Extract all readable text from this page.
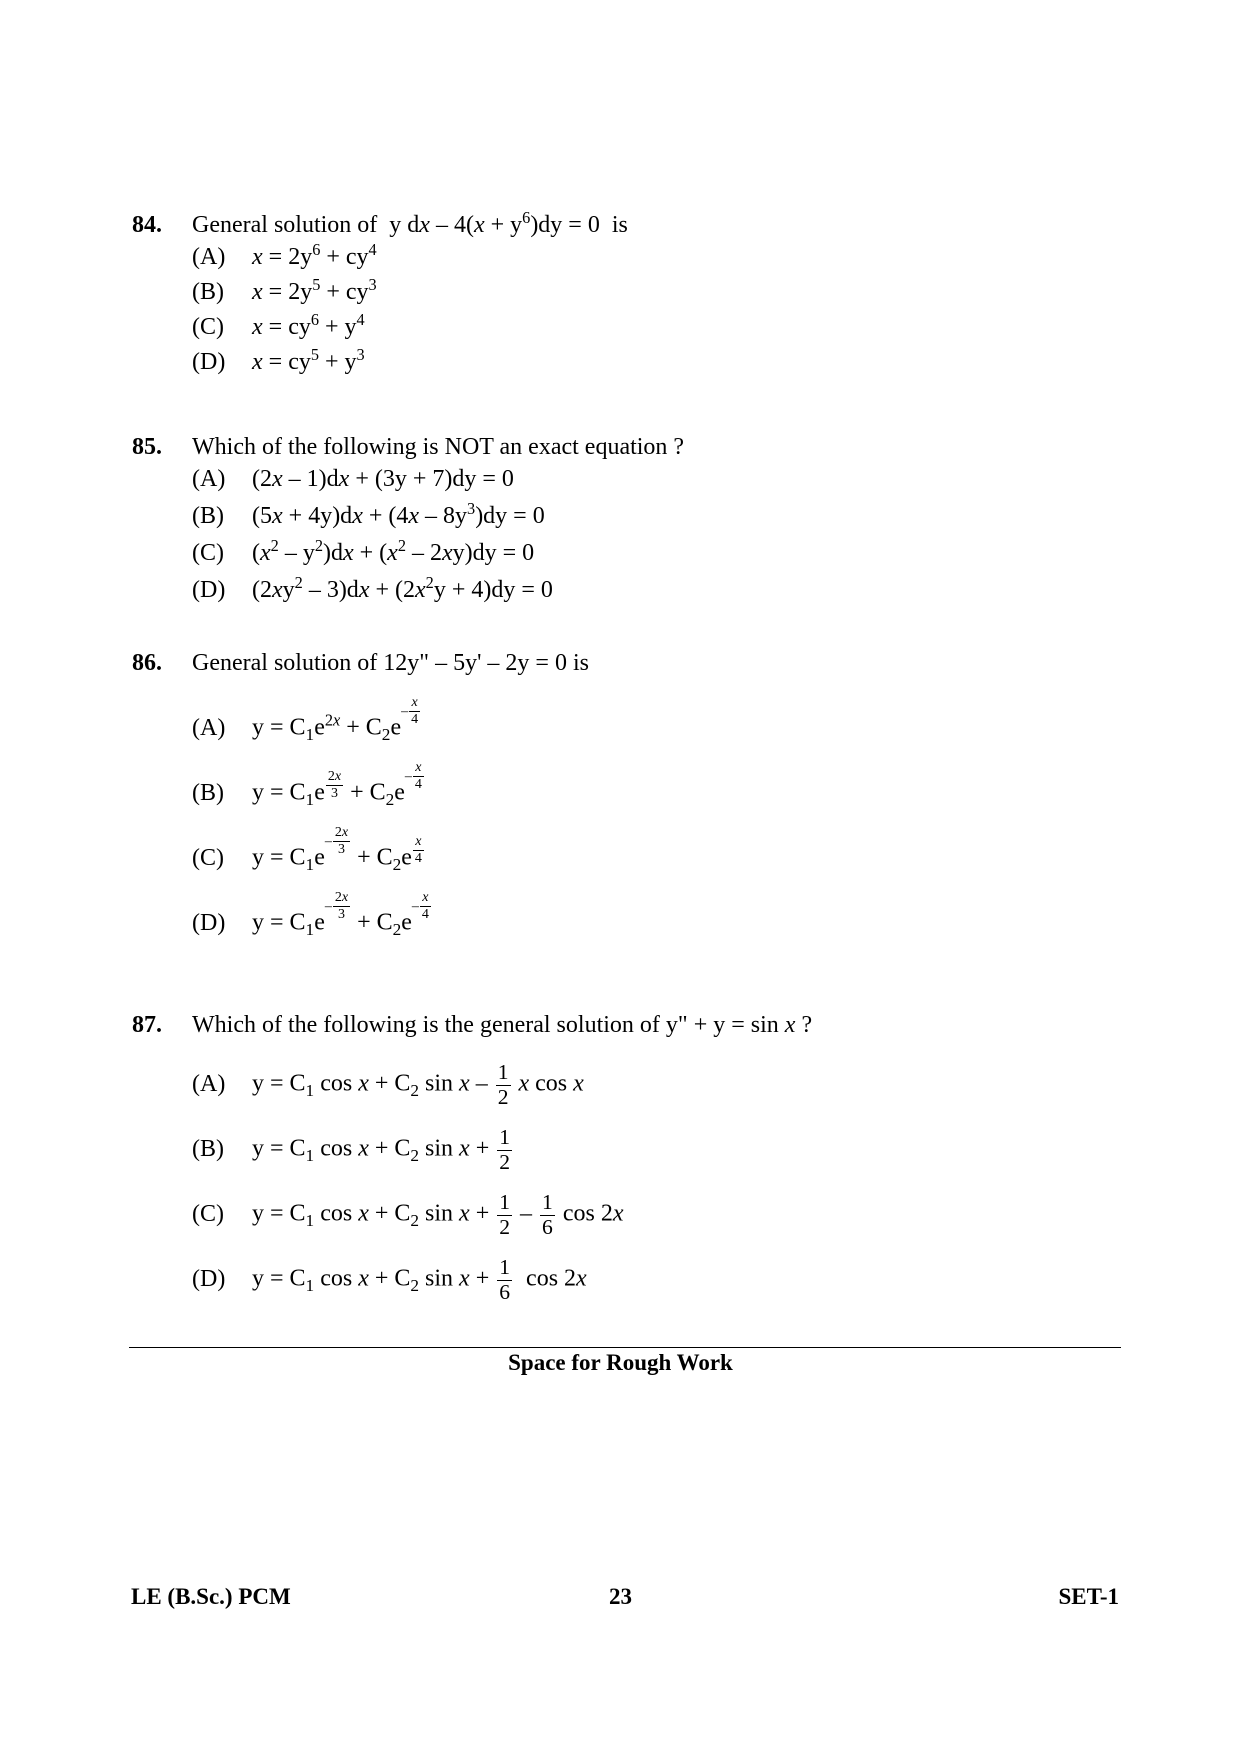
84.	General solution of  y dx – $4(x + y^6)dy = 0$  is
(A)	$x = 2y^6 + cy^4$
(B)	$x = 2y^5 + cy^3$
(C)	$x = cy^6 + y^4$
(D)	$x = cy^5 + y^3$
85.	Which of the following is NOT an exact equation ?
(A)	(2x – 1)dx + (3y + 7)dy = 0
(B)	$(5x + 4y)dx + (4x - 8y^3)dy = 0$
(C)	$(x^2 - y^2)dx + (x^2 - 2xy)dy = 0$
(D)	$(2xy^2 - 3)dx + (2x^2y + 4)dy = 0$
86.	General solution of 12y" – 5y' – 2y = 0 is
(A)	$y = C_1e^{2x} + C_2e- \frac{x}{4}$
(B)	$y = C_1e \frac{2x}{3} + C_2e- \frac{x}{4}$
(C)	$y = C_1e- \frac{2x}{3}$
+ $C_2e \frac{x}{4}$
(D)	$y = C_1e- \frac{2x}{3}$
+ $C_2e- \frac{x}{4}$
87.	Which of the following is the general solution of y" + y = sin x ?
(A)	$y = C_1$ $\cos x + C_2$ sin x – $\frac{1}{2}$ x cos x
(B)	$y = C_1$ $\cos x + C_2$ $\sin x + \frac{1}{2}$
(C)	$y = C_1$ $\cos x + C_2$ $\sin x + \frac{1}{2} - \frac{1}{6}$ cos 2x
(D)	$y = C_1$ $\cos x + C_2$ $\sin x + \frac{1}{6}$ cos 2x
Space for Rough Work
LE (B.Sc.) PCM	23	SET-1
